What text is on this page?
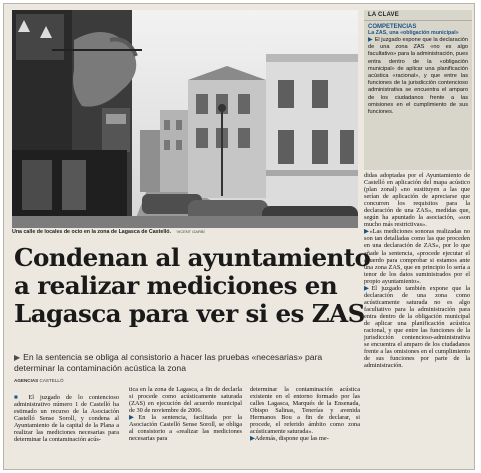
Una calle de locales de ocio en la zona de Lagasca de Castelló. VICENT GARBÍ
LA CLAVE
COMPETENCIAS
La ZAS, una «obligación municipal»
▶ El juzgado expone que la declaración de una zona ZAS «no es algo facultativo» para la administración, pues entra dentro de la «obligación municipal» de aplicar una planificación acústica «racional», y que entre las funciones de la jurisdicción contencioso administrativa se encuentra el amparo de los ciudadanos frente a las omisiones en el cumplimiento de sus funciones.

didas adoptadas por el Ayuntamiento de Castelló en aplicación del mapa acústico (plan zonal) «no sustituyen a las que serían de aplicación de apreciarse que concurren los requisitos para la declaración de una ZAS», medidas que, según ha apuntado la asociación, «son mucho más restrictivas».

▶«Las mediciones sonoras realizadas no son tan detalladas como las que proceden en una declaración de ZAS», por lo que añade la sentencia, «procede ejecutar el acuerdo para comprobar si estamos ante una zona ZAS, que en principio lo sería a tenor de los datos suministrados por el propio ayuntamiento».

▶El juzgado también expone que la declaración de una zona como acústicamente saturada no es algo facultativo para la administración para entra dentro de la obligación municipal de aplicar una planificación acústica racional, y que entre las funciones de la jurisdicción contencioso-administrativa se encuentra el amparo de los ciudadanos frente a las omisiones en el cumplimiento de sus funciones por parte de la administración.

Condenan al ayuntamiento
a realizar mediciones en
Lagasca para ver si es ZAS
▶ En la sentencia se obliga al consistorio a hacer las pruebas «necesarias» para determinar la contaminación acústica la zona
AGENCIAS CASTELLÓ

■ El juzgado de lo contencioso administrativo número 1 de Castelló ha estimado un recurso de la Asociación Castelló Sense Soroll, y condena al Ayuntamiento de la capital de la Plana a realizar las mediciones necesarias para determinar la contaminación acús-

tica en la zona de Lagasca, a fin de declarla si procede como acústicamente saturada (ZAS) en ejecución del acuerdo municipal de 30 de noviembre de 2006.

▶En la sentencia, facilitada por la Asociación Castelló Sense Soroll, se obliga al consistorio a «realizar las mediciones necesarias para

determinar la contaminación acústica existente en el entorno formado por las calles Lagasca, Marqués de la Ensenada, Obispo Salinas, Tenerías y avenida Hermanos Bou a fin de declarar, si procede, el referido ámbito como zona acústicamente saturada».

▶Además, dispone que las me-
